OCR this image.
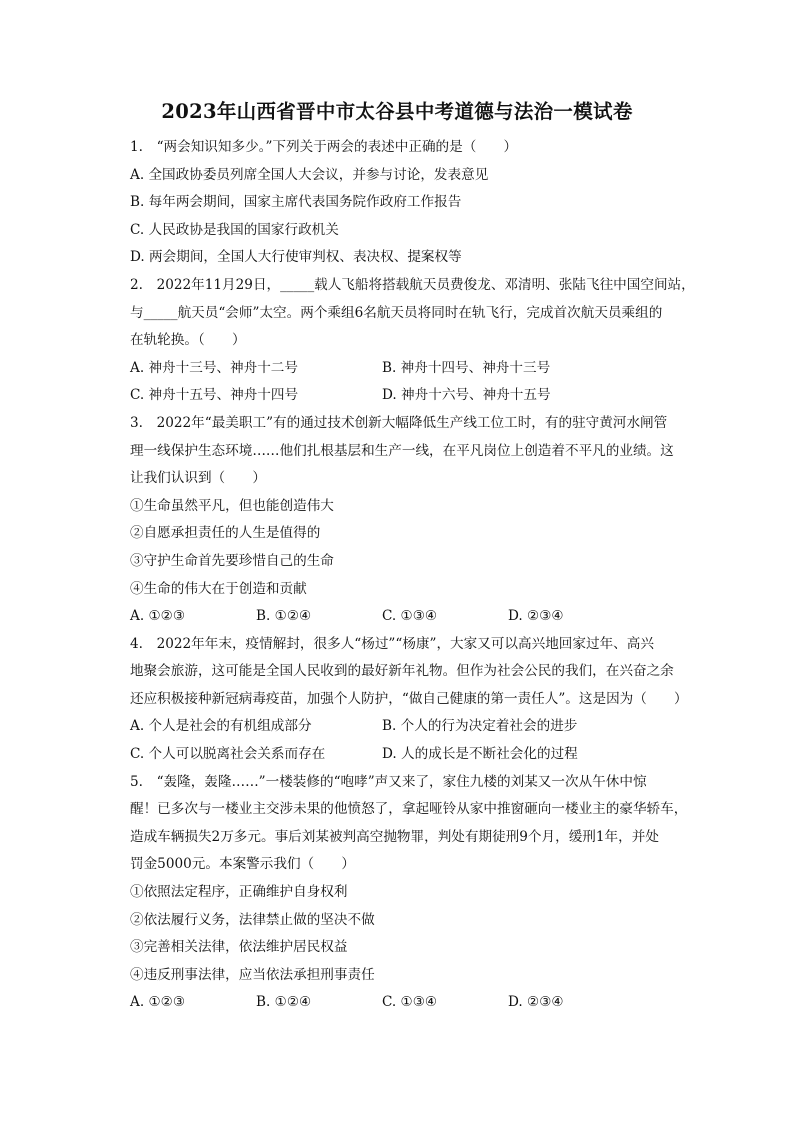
2023年山西省晋中市太谷县中考道德与法治一模试卷
1.　“两会知识知多少。”下列关于两会的表述中正确的是（　　）
A. 全国政协委员列席全国人大会议，并参与讨论，发表意见
B. 每年两会期间，国家主席代表国务院作政府工作报告
C. 人民政协是我国的国家行政机关
D. 两会期间，全国人大行使审判权、表决权、提案权等
2.　2022年11月29日，_____载人飞船将搭载航天员费俊龙、邓清明、张陆飞往中国空间站，
与_____航天员“会师”太空。两个乘组6名航天员将同时在轨飞行，完成首次航天员乘组的
在轨轮换。（　　）
A. 神舟十三号、神舟十二号	B. 神舟十四号、神舟十三号
C. 神舟十五号、神舟十四号	D. 神舟十六号、神舟十五号
3.　2022年“最美职工”有的通过技术创新大幅降低生产线工位工时，有的驻守黄河水闸管
理一线保护生态环境……他们扎根基层和生产一线，在平凡岗位上创造着不平凡的业绩。这
让我们认识到（　　）
①生命虽然平凡，但也能创造伟大
②自愿承担责任的人生是值得的
③守护生命首先要珍惜自己的生命
④生命的伟大在于创造和贡献
A. ①②③	B. ①②④	C. ①③④	D. ②③④
4.　2022年年末，疫情解封，很多人“杨过”“杨康”，大家又可以高兴地回家过年、高兴
地聚会旅游，这可能是全国人民收到的最好新年礼物。但作为社会公民的我们，在兴奋之余
还应积极接种新冠病毒疫苗，加强个人防护，“做自己健康的第一责任人”。这是因为（　　）
A. 个人是社会的有机组成部分	B. 个人的行为决定着社会的进步
C. 个人可以脱离社会关系而存在	D. 人的成长是不断社会化的过程
5.　“轰隆，轰隆……”一楼装修的“咆哮”声又来了，家住九楼的刘某又一次从午休中惊
醒！已多次与一楼业主交涉未果的他愤怒了，拿起哑铃从家中推窗砸向一楼业主的豪华轿车，
造成车辆损失2万多元。事后刘某被判高空抛物罪，判处有期徒刑9个月，缓刑1年，并处
罚金5000元。本案警示我们（　　）
①依照法定程序，正确维护自身权利
②依法履行义务，法律禁止做的坚决不做
③完善相关法律，依法维护居民权益
④违反刑事法律，应当依法承担刑事责任
A. ①②③	B. ①②④	C. ①③④	D. ②③④
